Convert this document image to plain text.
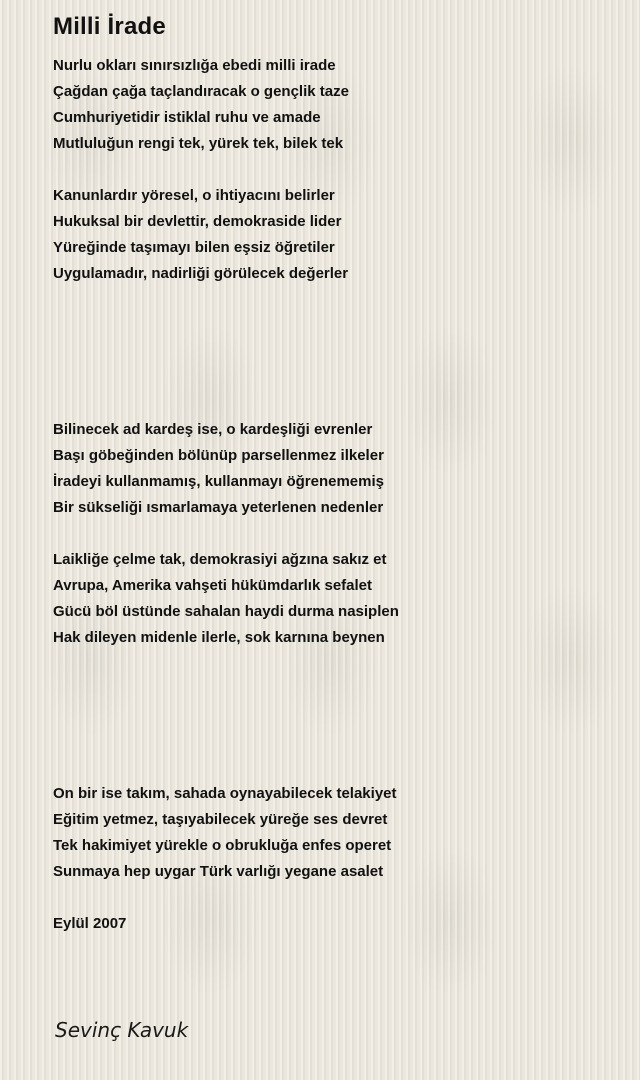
Milli İrade
Nurlu okları sınırsızlığa ebedi milli irade
Çağdan çağa taçlandıracak o gençlik taze
Cumhuriyetidir istiklal ruhu ve amade
Mutluluğun rengi tek, yürek tek, bilek tek
Kanunlardır yöresel, o ihtiyacını belirler
Hukuksal bir devlettir, demokraside lider
Yüreğinde taşımayı bilen eşsiz öğretiler
Uygulamadır, nadirliği görülecek değerler
Bilinecek ad kardeş ise, o kardeşliği evrenler
Başı göbeğinden bölünüp parsellenmez ilkeler
İradeyi kullanmamış, kullanmayı öğrenememiş
Bir sükseliği ısmarlamaya yeterlenen nedenler
Laikliğe çelme tak, demokrasiyi ağzına sakız et
Avrupa, Amerika vahşeti hükümdarlık sefalet
Gücü böl üstünde sahalan haydi durma nasiplen
Hak dileyen midenle ilerle, sok karnına beynen
On bir ise takım, sahada oynayabilecek telakiyet
Eğitim yetmez, taşıyabilecek yüreğe ses devret
Tek hakimiyet yürekle o obrukluğa enfes operet
Sunmaya hep uygar Türk varlığı yegane asalet
Eylül 2007
Sevinç Kavuk
